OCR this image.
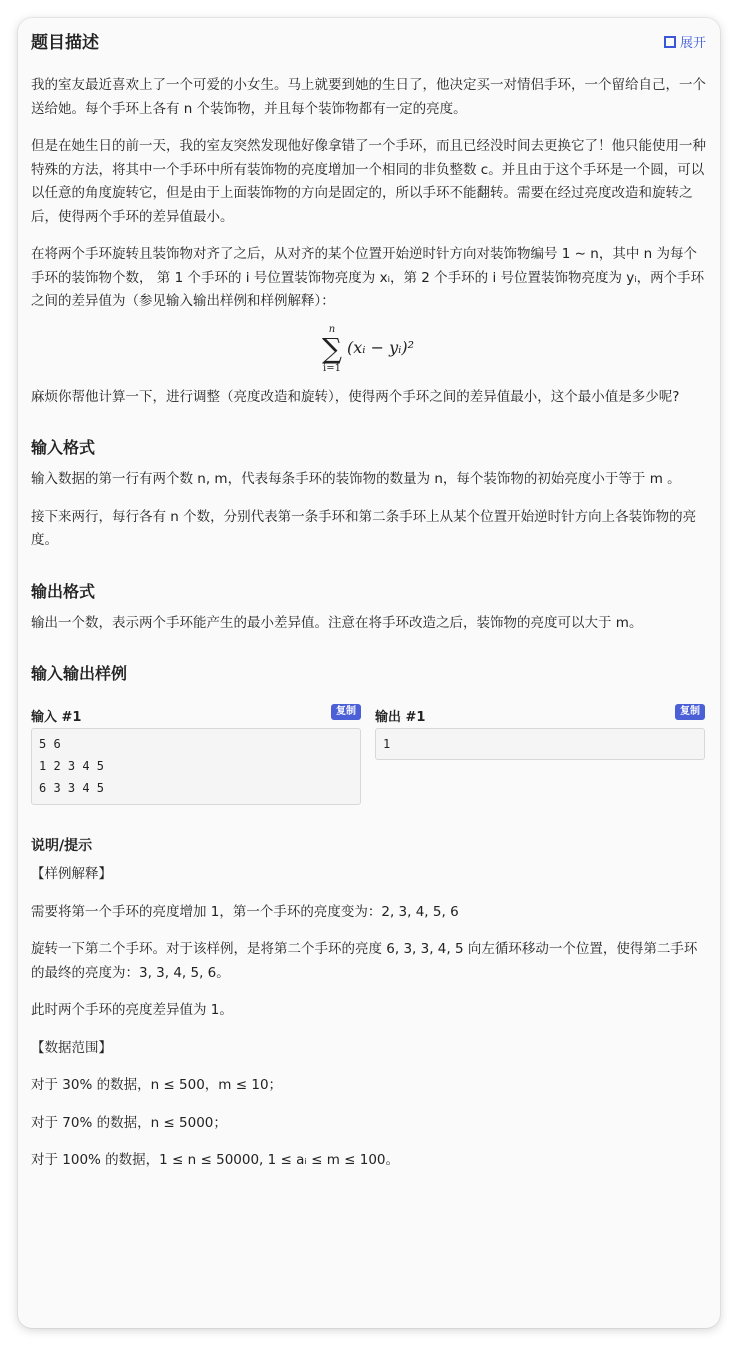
题目描述	展开

我的室友最近喜欢上了一个可爱的小女生。马上就要到她的生日了，他决定买一对情侣手环，一个留给自己，一个送给她。每个手环上各有 n 个装饰物，并且每个装饰物都有一定的亮度。

但是在她生日的前一天，我的室友突然发现他好像拿错了一个手环，而且已经没时间去更换它了！他只能使用一种特殊的方法，将其中一个手环中所有装饰物的亮度增加一个相同的非负整数 c。并且由于这个手环是一个圆，可以以任意的角度旋转它，但是由于上面装饰物的方向是固定的，所以手环不能翻转。需要在经过亮度改造和旋转之后，使得两个手环的差异值最小。

在将两个手环旋转且装饰物对齐了之后，从对齐的某个位置开始逆时针方向对装饰物编号 1 ∼ n，其中 n 为每个手环的装饰物个数， 第 1 个手环的 i 号位置装饰物亮度为 xᵢ，第 2 个手环的 i 号位置装饰物亮度为 yᵢ，两个手环之间的差异值为（参见输入输出样例和样例解释）：

n
∑
i=1
(xᵢ − yᵢ)²

麻烦你帮他计算一下，进行调整（亮度改造和旋转），使得两个手环之间的差异值最小，这个最小值是多少呢?

输入格式

输入数据的第一行有两个数 n, m，代表每条手环的装饰物的数量为 n，每个装饰物的初始亮度小于等于 m 。

接下来两行，每行各有 n 个数，分别代表第一条手环和第二条手环上从某个位置开始逆时针方向上各装饰物的亮度。

输出格式

输出一个数，表示两个手环能产生的最小差异值。注意在将手环改造之后，装饰物的亮度可以大于 m。

输入输出样例
输入 #1	复制
5 6
1 2 3 4 5
6 3 3 4 5
输出 #1	复制
1
说明/提示

【样例解释】

需要将第一个手环的亮度增加 1，第一个手环的亮度变为：2, 3, 4, 5, 6

旋转一下第二个手环。对于该样例，是将第二个手环的亮度 6, 3, 3, 4, 5 向左循环移动一个位置，使得第二手环的最终的亮度为：3, 3, 4, 5, 6。

此时两个手环的亮度差异值为 1。

【数据范围】

对于 30% 的数据，n ≤ 500，m ≤ 10；

对于 70% 的数据，n ≤ 5000；

对于 100% 的数据，1 ≤ n ≤ 50000, 1 ≤ aᵢ ≤ m ≤ 100。
